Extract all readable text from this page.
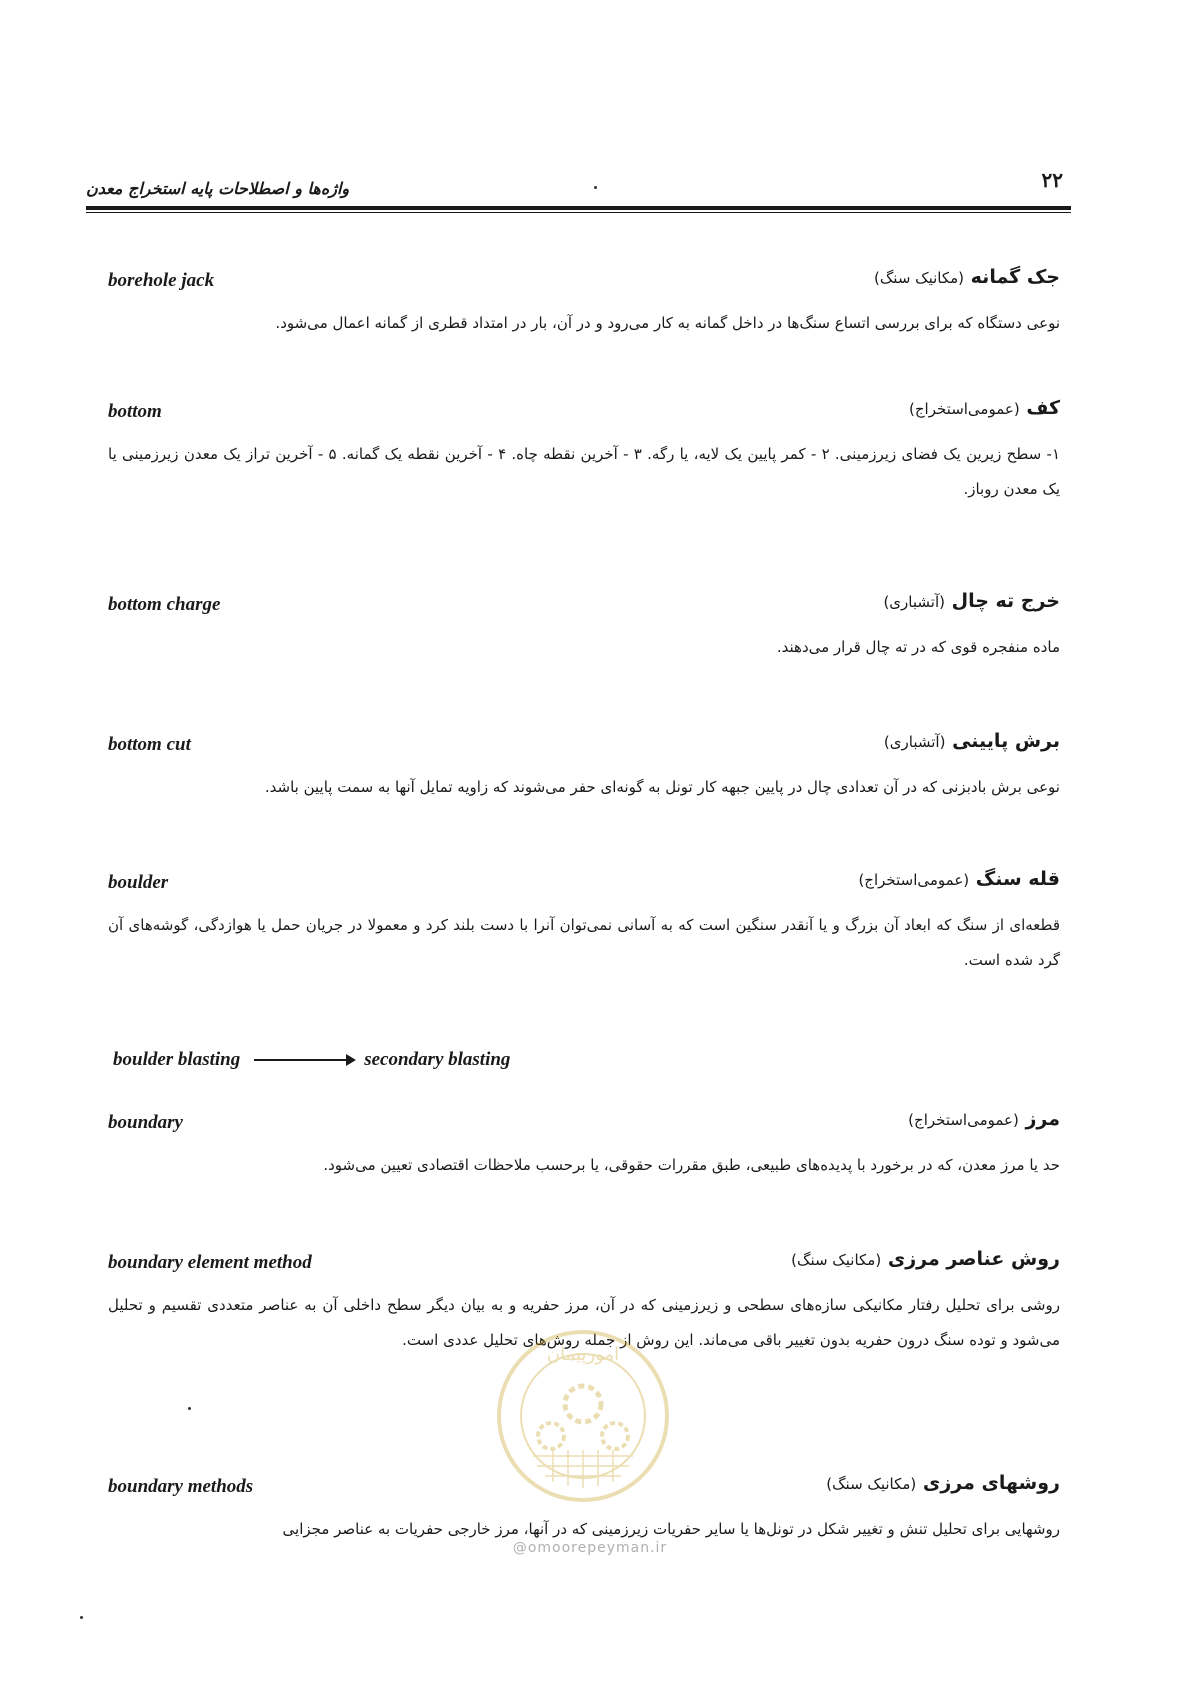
۲۲
واژه‌ها و اصطلاحات پایه استخراج معدن
borehole jack	جک گمانه (مکانیک سنگ)
نوعی دستگاه که برای بررسی اتساع سنگ‌ها در داخل گمانه به کار می‌رود و در آن، بار در امتداد قطری از گمانه اعمال می‌شود.
bottom	کف (عمومی‌استخراج)
۱- سطح زیرین یک فضای زیرزمینی. ۲ - کمر پایین یک لایه، یا رگه. ۳ - آخرین نقطه چاه. ۴ - آخرین نقطه یک گمانه. ۵ - آخرین تراز یک معدن زیرزمینی یا یک معدن روباز.
bottom charge	خرج ته چال (آتشباری)
ماده منفجره قوی که در ته چال قرار می‌دهند.
bottom cut	برش پایینی (آتشباری)
نوعی برش بادبزنی که در آن تعدادی چال در پایین جبهه کار تونل به گونه‌ای حفر می‌شوند که زاویه تمایل آنها به سمت پایین باشد.
boulder	قله سنگ (عمومی‌استخراج)
قطعه‌ای از سنگ که ابعاد آن بزرگ و یا آنقدر سنگین است که به آسانی نمی‌توان آنرا با دست بلند کرد و معمولا در جریان حمل یا هوازدگی، گوشه‌های آن گرد شده است.
boulder blasting	secondary blasting
boundary	مرز (عمومی‌استخراج)
حد یا مرز معدن، که در برخورد با پدیده‌های طبیعی، طبق مقررات حقوقی، یا برحسب ملاحظات اقتصادی تعیین می‌شود.
boundary element method	روش عناصر مرزی (مکانیک سنگ)
روشی برای تحلیل رفتار مکانیکی سازه‌های سطحی و زیرزمینی که در آن، مرز حفریه و به بیان دیگر سطح داخلی آن به عناصر متعددی تقسیم و تحلیل می‌شود و توده سنگ درون حفریه بدون تغییر باقی می‌ماند. این روش از جمله روش‌های تحلیل عددی است.
boundary methods	روشهای مرزی (مکانیک سنگ)
روشهایی برای تحلیل تنش و تغییر شکل در تونل‌ها یا سایر حفریات زیرزمینی که در آنها، مرز خارجی حفریات به عناصر مجزایی
امورپیمان
@omoorepeyman.ir
